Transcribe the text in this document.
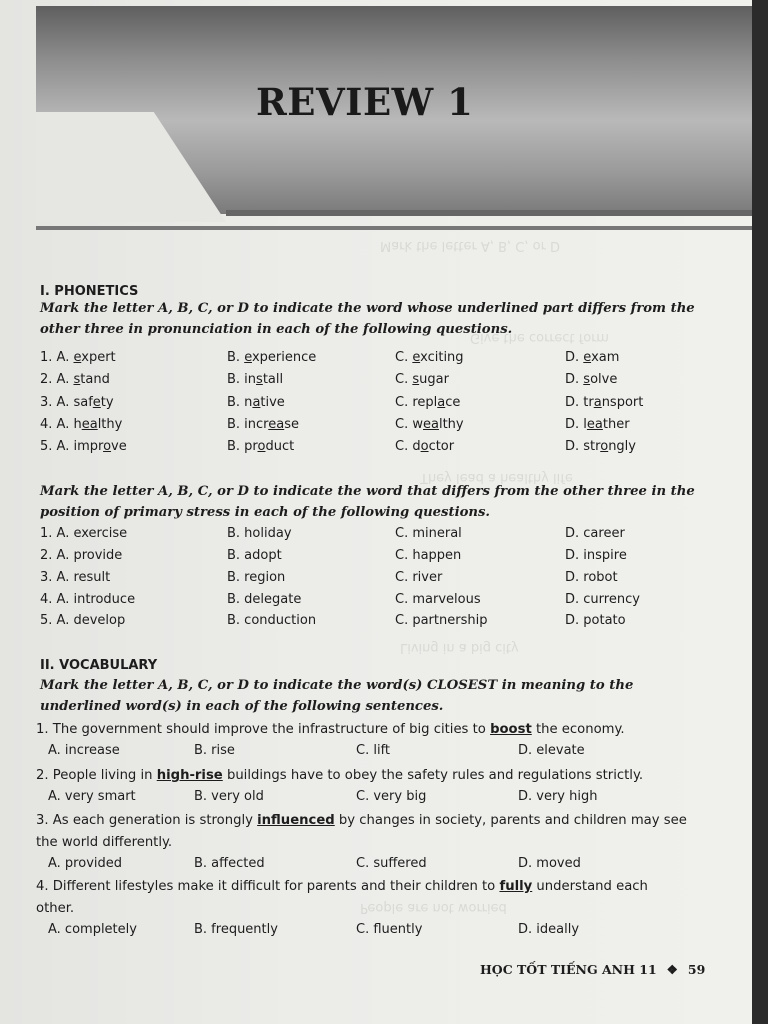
Mark the letter A, B, C, or D
Give the correct form
They lead a healthy life
Living in a big city
People are not worried
REVIEW 1
I. PHONETICS
Mark the letter A, B, C, or D to indicate the word whose underlined part differs from the other three in pronunciation in each of the following questions.
1. A. expert	B. experience	C. exciting	D. exam
2. A. stand	B. install	C. sugar	D. solve
3. A. safety	B. native	C. replace	D. transport
4. A. healthy	B. increase	C. wealthy	D. leather
5. A. improve	B. product	C. doctor	D. strongly
Mark the letter A, B, C, or D to indicate the word that differs from the other three in the position of primary stress in each of the following questions.
1. A. exercise	B. holiday	C. mineral	D. career
2. A. provide	B. adopt	C. happen	D. inspire
3. A. result	B. region	C. river	D. robot
4. A. introduce	B. delegate	C. marvelous	D. currency
5. A. develop	B. conduction	C. partnership	D. potato
II. VOCABULARY
Mark the letter A, B, C, or D to indicate the word(s) CLOSEST in meaning to the underlined word(s) in each of the following sentences.
1. The government should improve the infrastructure of big cities to boost the economy.
A. increase	B. rise	C. lift	D. elevate
2. People living in high-rise buildings have to obey the safety rules and regulations strictly.
A. very smart	B. very old	C. very big	D. very high
3. As each generation is strongly influenced by changes in society, parents and children may see
the world differently.
A. provided	B. affected	C. suffered	D. moved
4. Different lifestyles make it difficult for parents and their children to fully understand each
other.
A. completely	B. frequently	C. fluently	D. ideally
HỌC TỐT TIẾNG ANH 11 ❖ 59
